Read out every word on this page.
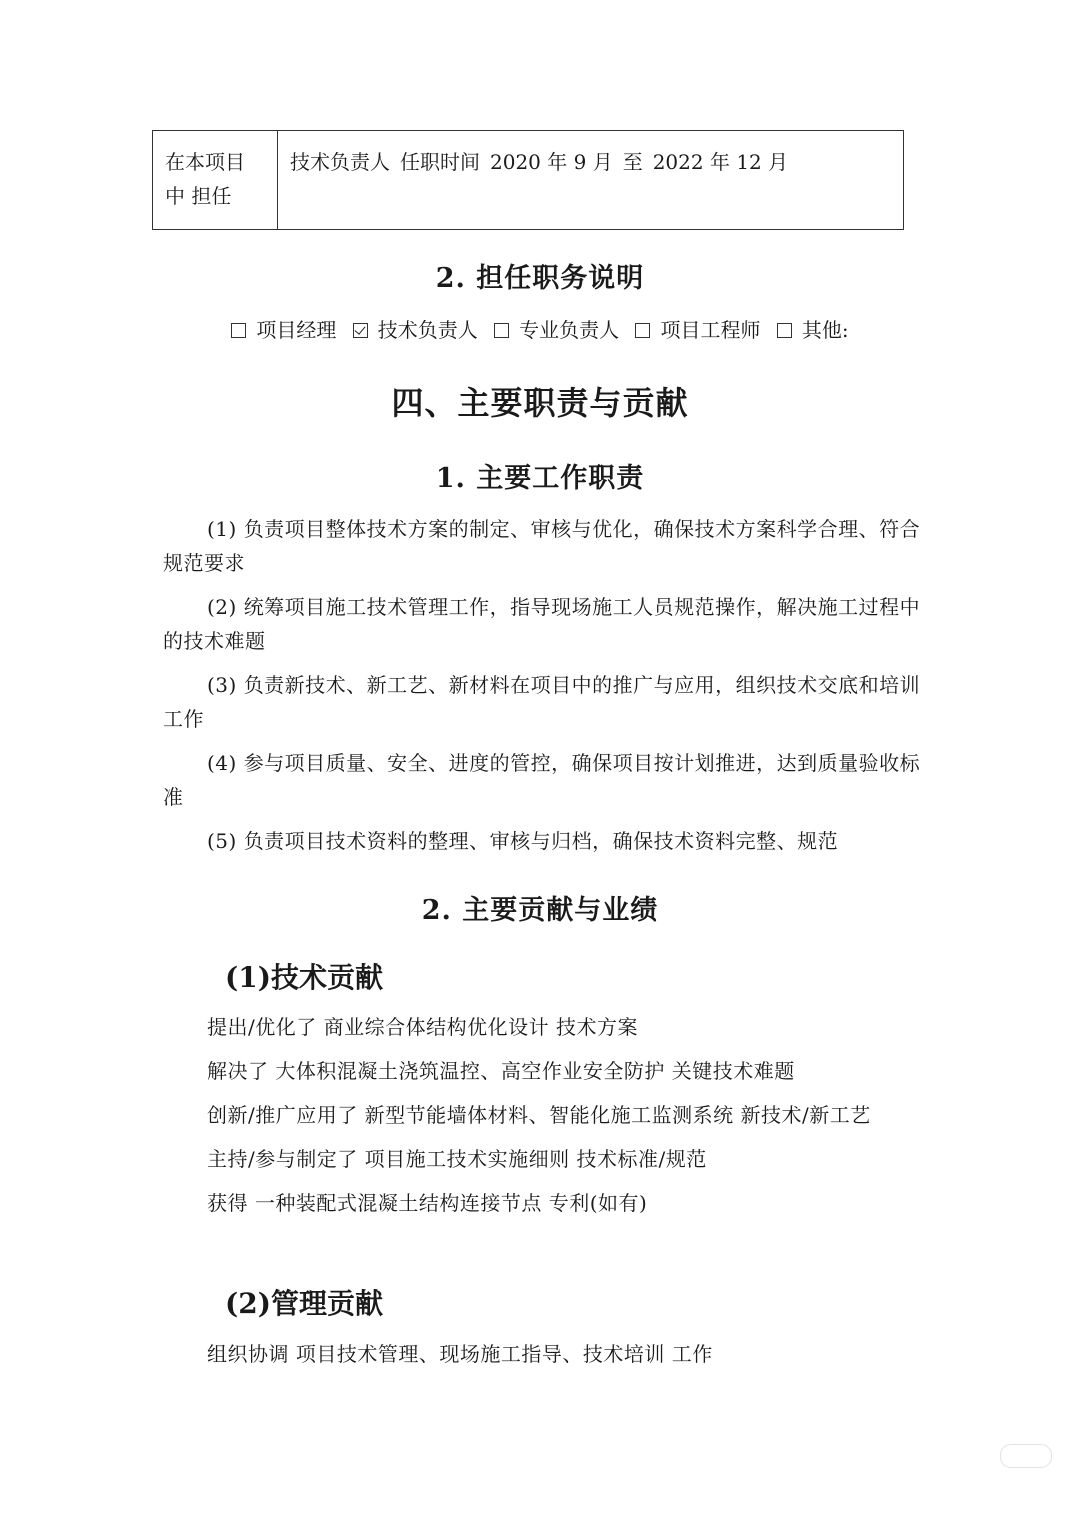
在本项目
中 担任
技术负责人 任职时间 2020 年 9 月 至 2022 年 12 月
2. 担任职务说明
项目经理 技术负责人 专业负责人 项目工程师 其他:
四、主要职责与贡献
1. 主要工作职责

(1) 负责项目整体技术方案的制定、审核与优化，确保技术方案科学合理、符合规范要求

(2) 统筹项目施工技术管理工作，指导现场施工人员规范操作，解决施工过程中的技术难题

(3) 负责新技术、新工艺、新材料在项目中的推广与应用，组织技术交底和培训工作

(4) 参与项目质量、安全、进度的管控，确保项目按计划推进，达到质量验收标准

(5) 负责项目技术资料的整理、审核与归档，确保技术资料完整、规范

2. 主要贡献与业绩
(1)技术贡献
提出/优化了 商业综合体结构优化设计 技术方案
解决了 大体积混凝土浇筑温控、高空作业安全防护 关键技术难题
创新/推广应用了 新型节能墙体材料、智能化施工监测系统 新技术/新工艺
主持/参与制定了 项目施工技术实施细则 技术标准/规范
获得 一种装配式混凝土结构连接节点 专利(如有)
(2)管理贡献
组织协调 项目技术管理、现场施工指导、技术培训 工作
